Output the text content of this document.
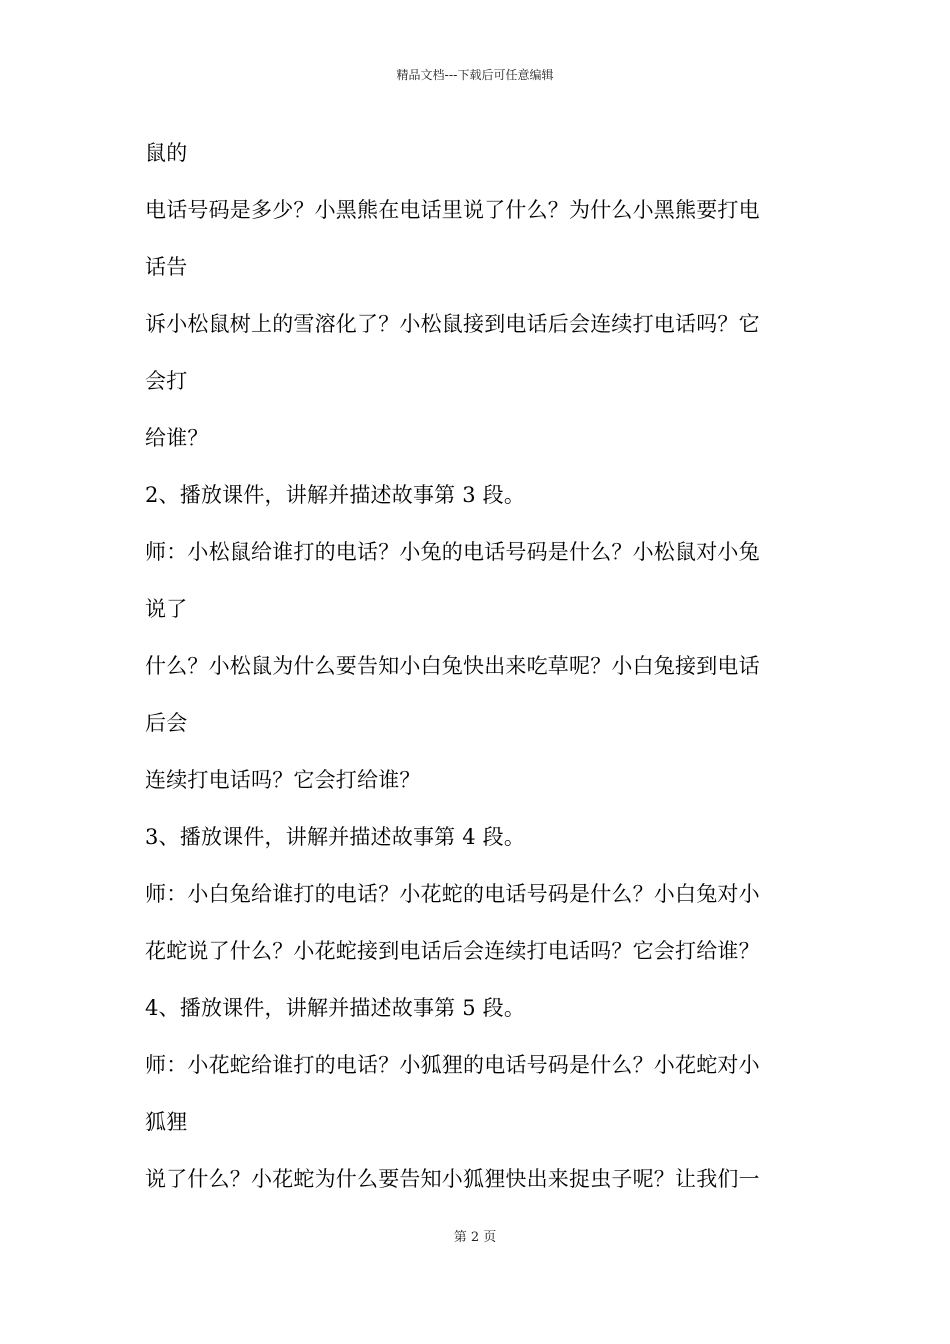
精品文档---下载后可任意编辑
鼠的
电话号码是多少？小黑熊在电话里说了什么？为什么小黑熊要打电
话告
诉小松鼠树上的雪溶化了？小松鼠接到电话后会连续打电话吗？它
会打
给谁？
2、播放课件，讲解并描述故事第 3 段。
师：小松鼠给谁打的电话？小兔的电话号码是什么？小松鼠对小兔
说了
什么？小松鼠为什么要告知小白兔快出来吃草呢？小白兔接到电话
后会
连续打电话吗？它会打给谁？
3、播放课件，讲解并描述故事第 4 段。
师：小白兔给谁打的电话？小花蛇的电话号码是什么？小白兔对小
花蛇说了什么？小花蛇接到电话后会连续打电话吗？它会打给谁？
4、播放课件，讲解并描述故事第 5 段。
师：小花蛇给谁打的电话？小狐狸的电话号码是什么？小花蛇对小
狐狸
说了什么？小花蛇为什么要告知小狐狸快出来捉虫子呢？让我们一
第 2 页
